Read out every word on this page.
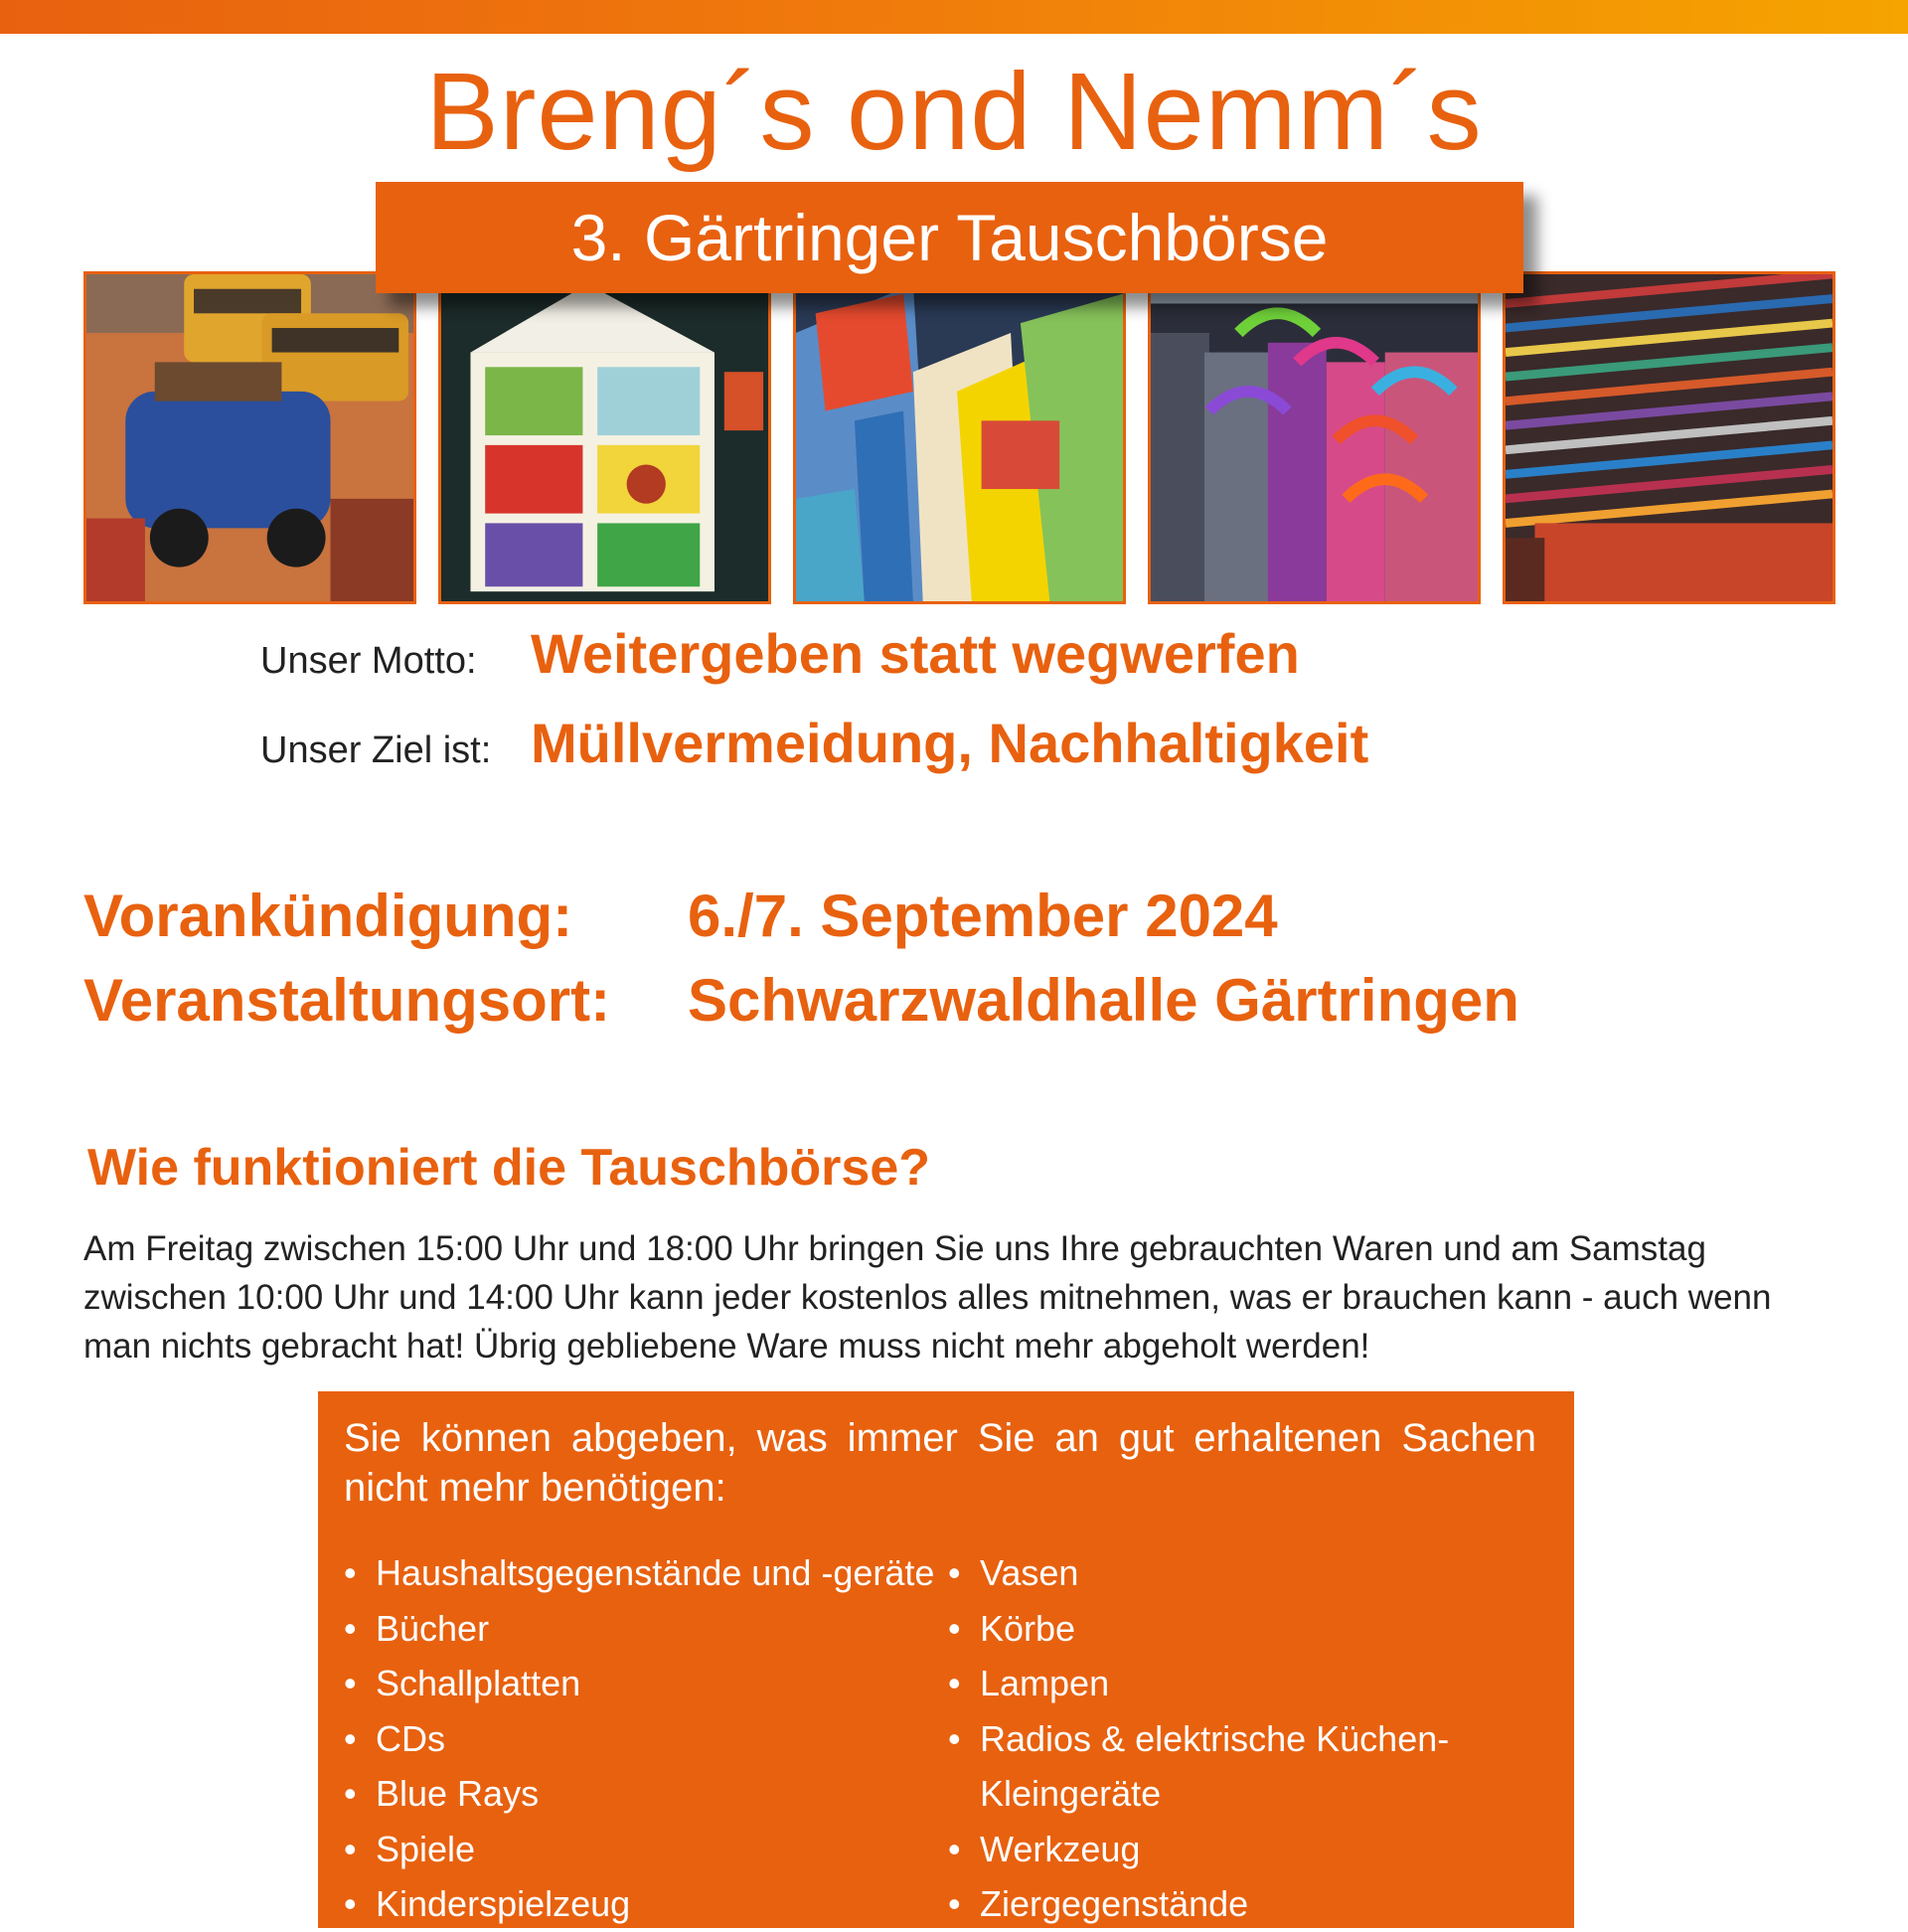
Breng´s ond Nemm´s
3. Gärtringer Tauschbörse
Unser Motto: Weitergeben statt wegwerfen
Unser Ziel ist: Müllvermeidung, Nachhaltigkeit
Vorankündigung:	6./7. September 2024
Veranstaltungsort:	Schwarzwaldhalle Gärtringen
Wie funktioniert die Tauschbörse?
Am Freitag zwischen 15:00 Uhr und 18:00 Uhr bringen Sie uns Ihre gebrauchten Waren und am Samstag zwischen 10:00 Uhr und 14:00 Uhr kann jeder kostenlos alles mitnehmen, was er brauchen kann - auch wenn man nichts gebracht hat! Übrig gebliebene Ware muss nicht mehr abgeholt werden!
Sie können abgeben, was immer Sie an gut erhaltenen Sachen nicht mehr benötigen:
• Haushaltsgegenstände und -geräte
• Bücher
• Schallplatten
• CDs
• Blue Rays
• Spiele
• Kinderspielzeug
• Vasen
• Körbe
• Lampen
• Radios & elektrische Küchen-
Kleingeräte
• Werkzeug
• Ziergegenstände
